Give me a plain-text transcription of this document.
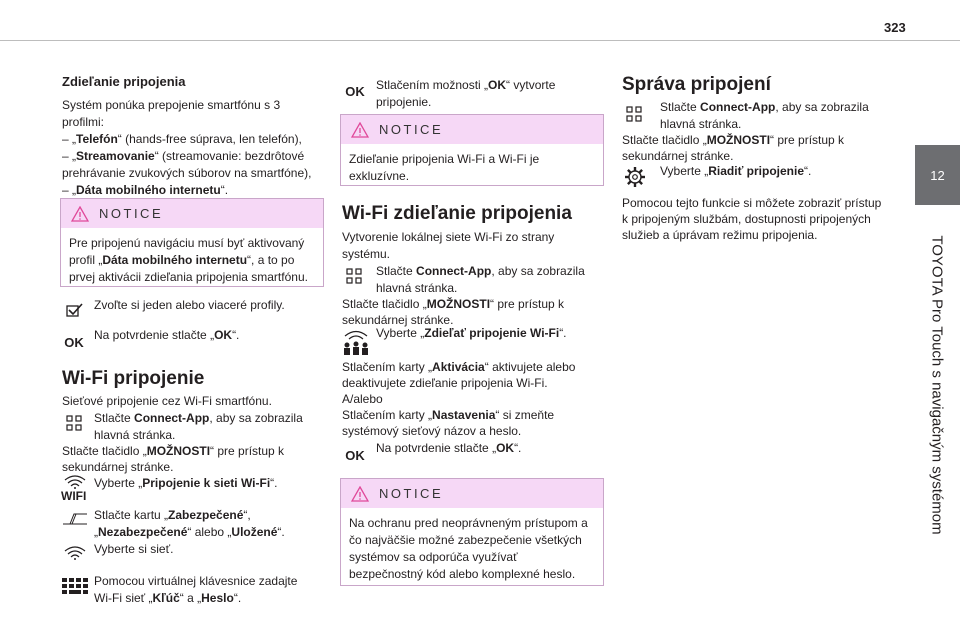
323
12
TOYOTA Pro Touch s navigačným systémom
Zdieľanie pripojenia
Systém ponúka prepojenie smartfónu s 3
profilmi:
– „Telefón“ (hands-free súprava, len telefón),
– „Streamovanie“ (streamovanie: bezdrôtové
prehrávanie zvukových súborov na smartfóne),
– „Dáta mobilného internetu“.
NOTICE
Pre pripojenú navigáciu musí byť aktivovaný
profil „Dáta mobilného internetu“, a to po
prvej aktivácii zdieľania pripojenia smartfónu.
Zvoľte si jeden alebo viaceré profily.
OK Na potvrdenie stlačte „OK“.
Wi-Fi pripojenie
Sieťové pripojenie cez Wi-Fi smartfónu.
Stlačte Connect-App, aby sa zobrazila
hlavná stránka.
Stlačte tlačidlo „MOŽNOSTI“ pre prístup k
sekundárnej stránke.
WIFI
Vyberte „Pripojenie k sieti Wi-Fi“.
Stlačte kartu „Zabezpečené“,
„Nezabezpečené“ alebo „Uložené“.
Vyberte si sieť.
Pomocou virtuálnej klávesnice zadajte
Wi-Fi sieť „Kľúč“ a „Heslo“.
OK Stlačením možnosti „OK“ vytvorte
pripojenie.
NOTICE
Zdieľanie pripojenia Wi-Fi a Wi-Fi je
exkluzívne.
Wi-Fi zdieľanie pripojenia
Vytvorenie lokálnej siete Wi-Fi zo strany
systému.
Stlačte Connect-App, aby sa zobrazila
hlavná stránka.
Stlačte tlačidlo „MOŽNOSTI“ pre prístup k
sekundárnej stránke.
Vyberte „Zdieľať pripojenie Wi-Fi“.
Stlačením karty „Aktivácia“ aktivujete alebo
deaktivujete zdieľanie pripojenia Wi-Fi.
A/alebo
Stlačením karty „Nastavenia“ si zmeňte
systémový sieťový názov a heslo.
OK Na potvrdenie stlačte „OK“.
NOTICE
Na ochranu pred neoprávneným prístupom a
čo najväčšie možné zabezpečenie všetkých
systémov sa odporúča využívať
bezpečnostný kód alebo komplexné heslo.
Správa pripojení
Stlačte Connect-App, aby sa zobrazila
hlavná stránka.
Stlačte tlačidlo „MOŽNOSTI“ pre prístup k
sekundárnej stránke.
Vyberte „Riadiť pripojenie“.
Pomocou tejto funkcie si môžete zobraziť prístup
k pripojeným službám, dostupnosti pripojených
služieb a úprávam režimu pripojenia.
